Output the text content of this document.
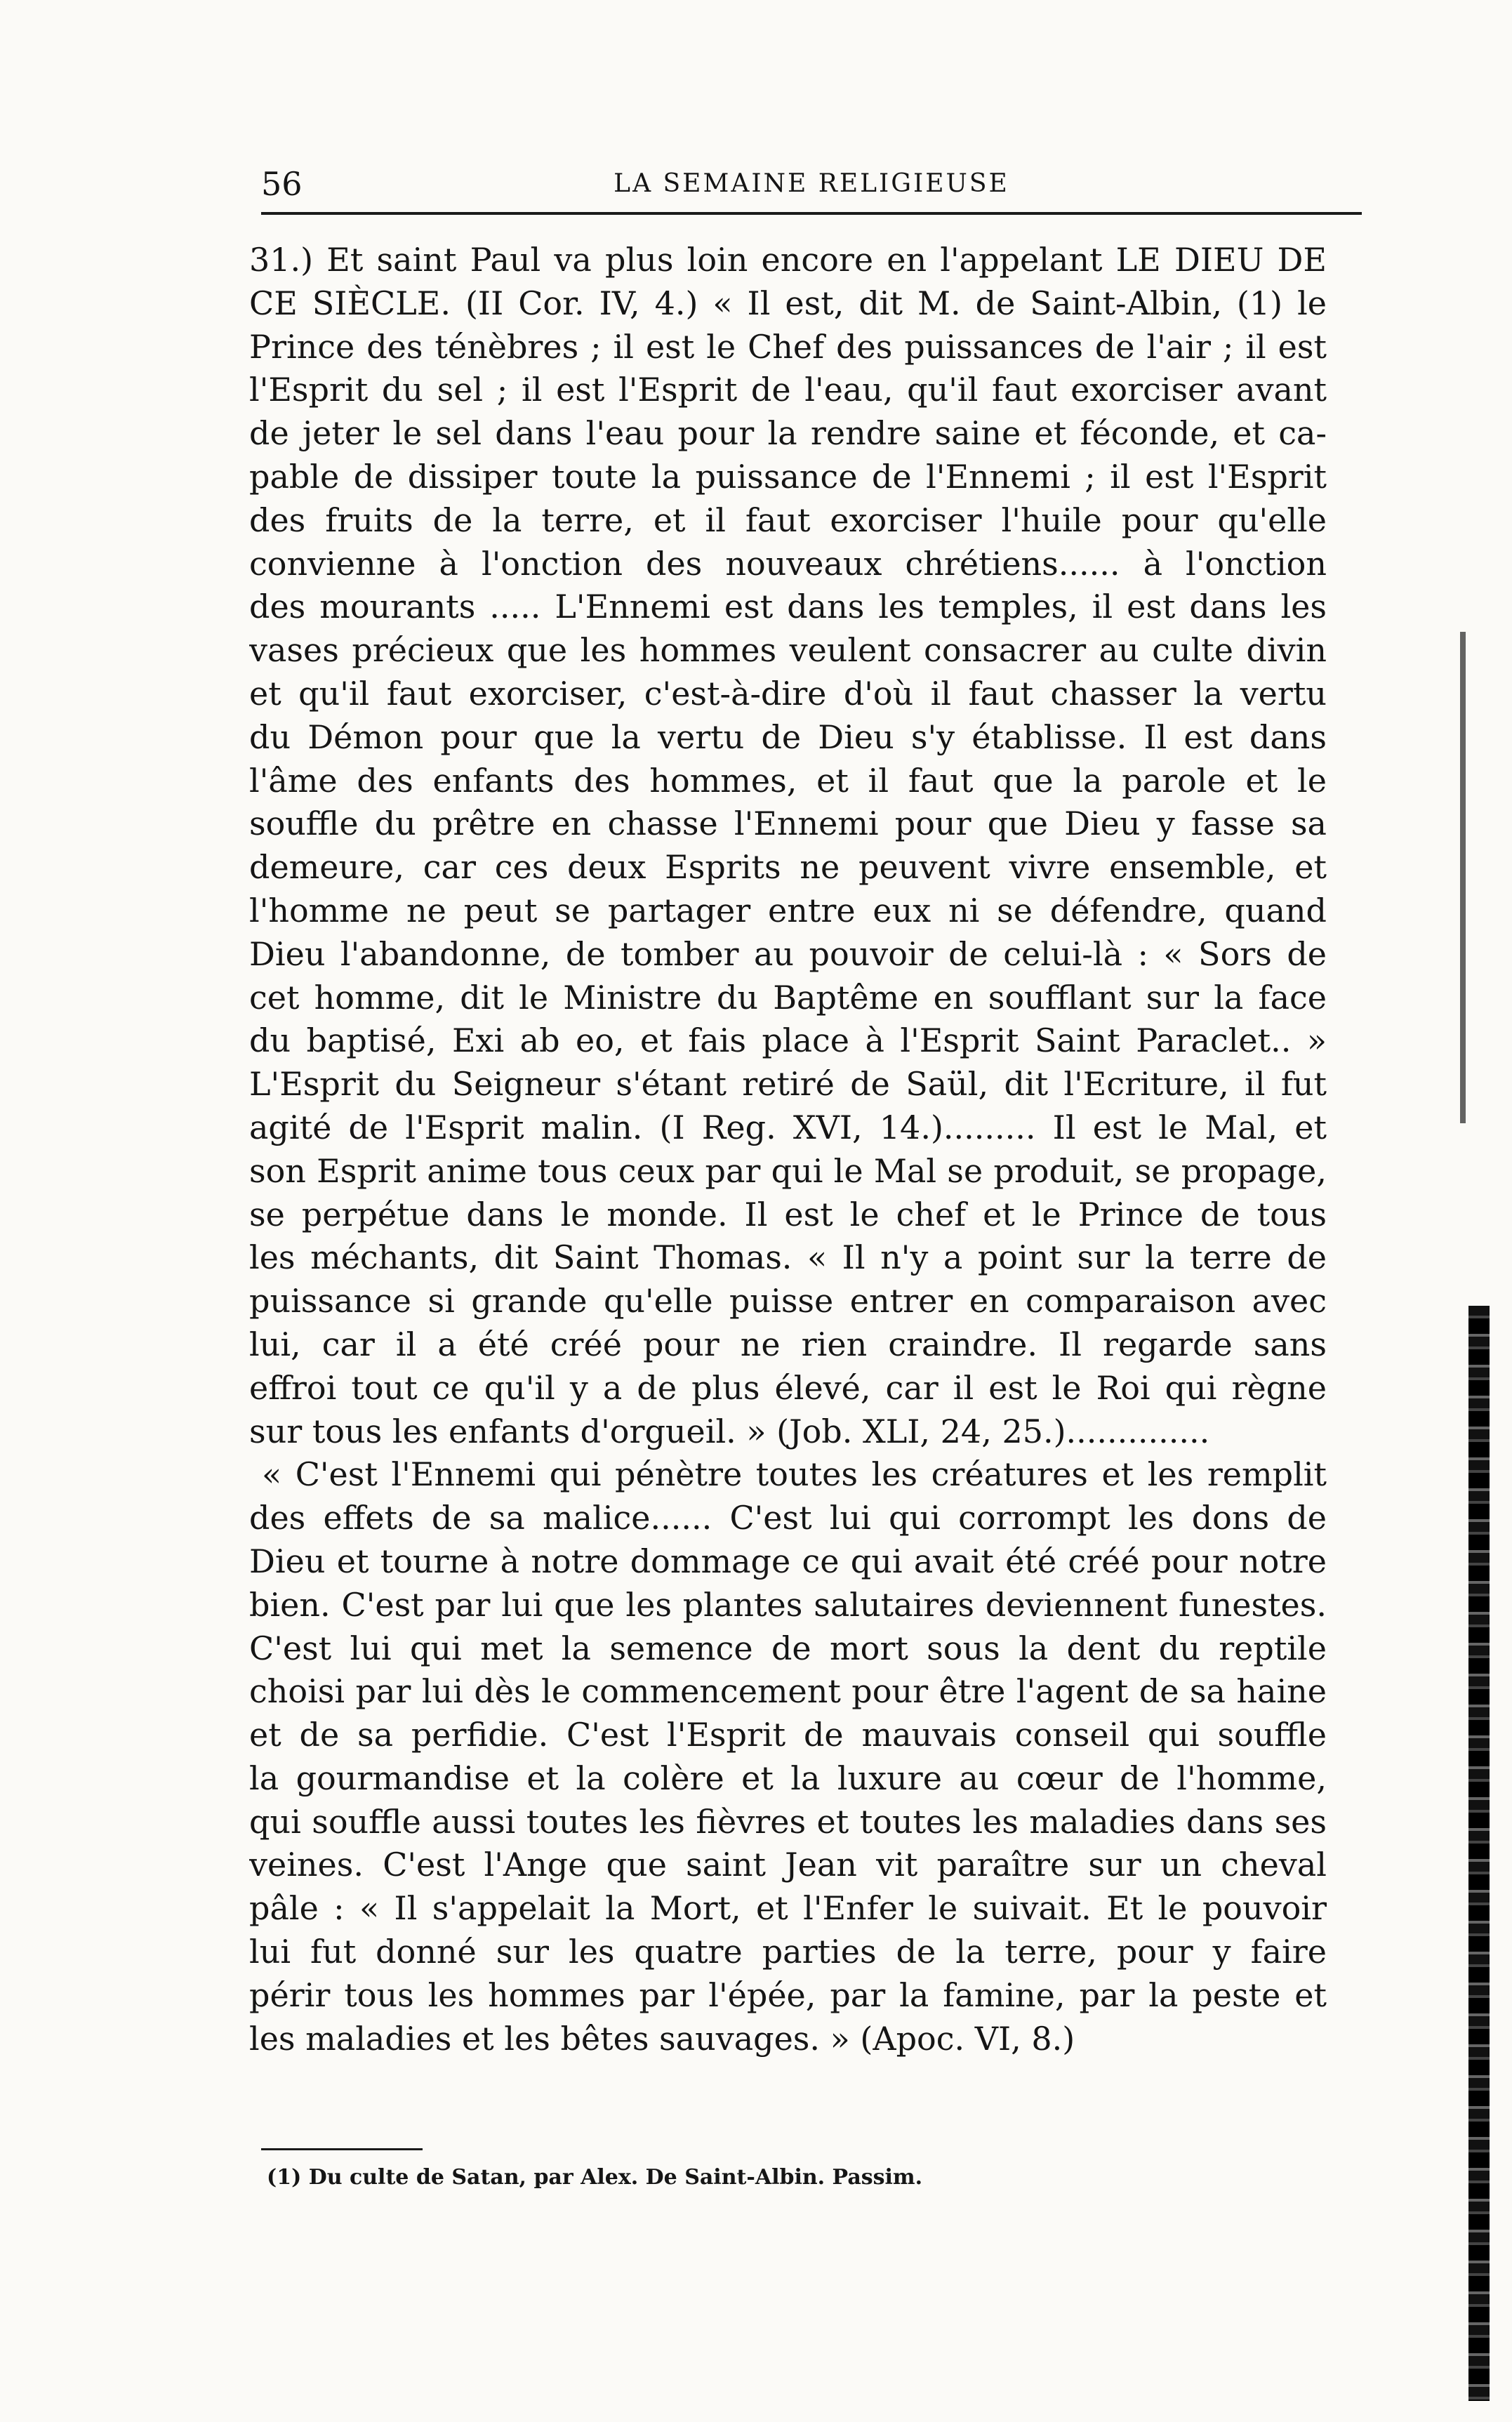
56	LA SEMAINE RELIGIEUSE
31.) Et saint Paul va plus loin encore en l'appelant LE DIEU DE
CE SIÈCLE. (II Cor. IV, 4.) « Il est, dit M. de Saint-Albin, (1) le
Prince des ténèbres ; il est le Chef des puissances de l'air ; il est
l'Esprit du sel ; il est l'Esprit de l'eau, qu'il faut exorciser avant
de jeter le sel dans l'eau pour la rendre saine et féconde, et ca-
pable de dissiper toute la puissance de l'Ennemi ; il est l'Esprit
des fruits de la terre, et il faut exorciser l'huile pour qu'elle
convienne à l'onction des nouveaux chrétiens...... à l'onction
des mourants ..... L'Ennemi est dans les temples, il est dans les
vases précieux que les hommes veulent consacrer au culte divin
et qu'il faut exorciser, c'est-à-dire d'où il faut chasser la vertu
du Démon pour que la vertu de Dieu s'y établisse. Il est dans
l'âme des enfants des hommes, et il faut que la parole et le
souffle du prêtre en chasse l'Ennemi pour que Dieu y fasse sa
demeure, car ces deux Esprits ne peuvent vivre ensemble, et
l'homme ne peut se partager entre eux ni se défendre, quand
Dieu l'abandonne, de tomber au pouvoir de celui-là : « Sors de
cet homme, dit le Ministre du Baptême en soufflant sur la face
du baptisé, Exi ab eo, et fais place à l'Esprit Saint Paraclet.. »
L'Esprit du Seigneur s'étant retiré de Saül, dit l'Ecriture, il fut
agité de l'Esprit malin. (I Reg. XVI, 14.)......... Il est le Mal, et
son Esprit anime tous ceux par qui le Mal se produit, se propage,
se perpétue dans le monde. Il est le chef et le Prince de tous
les méchants, dit Saint Thomas. « Il n'y a point sur la terre de
puissance si grande qu'elle puisse entrer en comparaison avec
lui, car il a été créé pour ne rien craindre. Il regarde sans
effroi tout ce qu'il y a de plus élevé, car il est le Roi qui règne
sur tous les enfants d'orgueil. » (Job. XLI, 24, 25.)..............
« C'est l'Ennemi qui pénètre toutes les créatures et les remplit
des effets de sa malice...... C'est lui qui corrompt les dons de
Dieu et tourne à notre dommage ce qui avait été créé pour notre
bien. C'est par lui que les plantes salutaires deviennent funestes.
C'est lui qui met la semence de mort sous la dent du reptile
choisi par lui dès le commencement pour être l'agent de sa haine
et de sa perfidie. C'est l'Esprit de mauvais conseil qui souffle
la gourmandise et la colère et la luxure au cœur de l'homme,
qui souffle aussi toutes les fièvres et toutes les maladies dans ses
veines. C'est l'Ange que saint Jean vit paraître sur un cheval
pâle : « Il s'appelait la Mort, et l'Enfer le suivait. Et le pouvoir
lui fut donné sur les quatre parties de la terre, pour y faire
périr tous les hommes par l'épée, par la famine, par la peste et
les maladies et les bêtes sauvages. » (Apoc. VI, 8.)
(1) Du culte de Satan, par Alex. De Saint-Albin. Passim.
